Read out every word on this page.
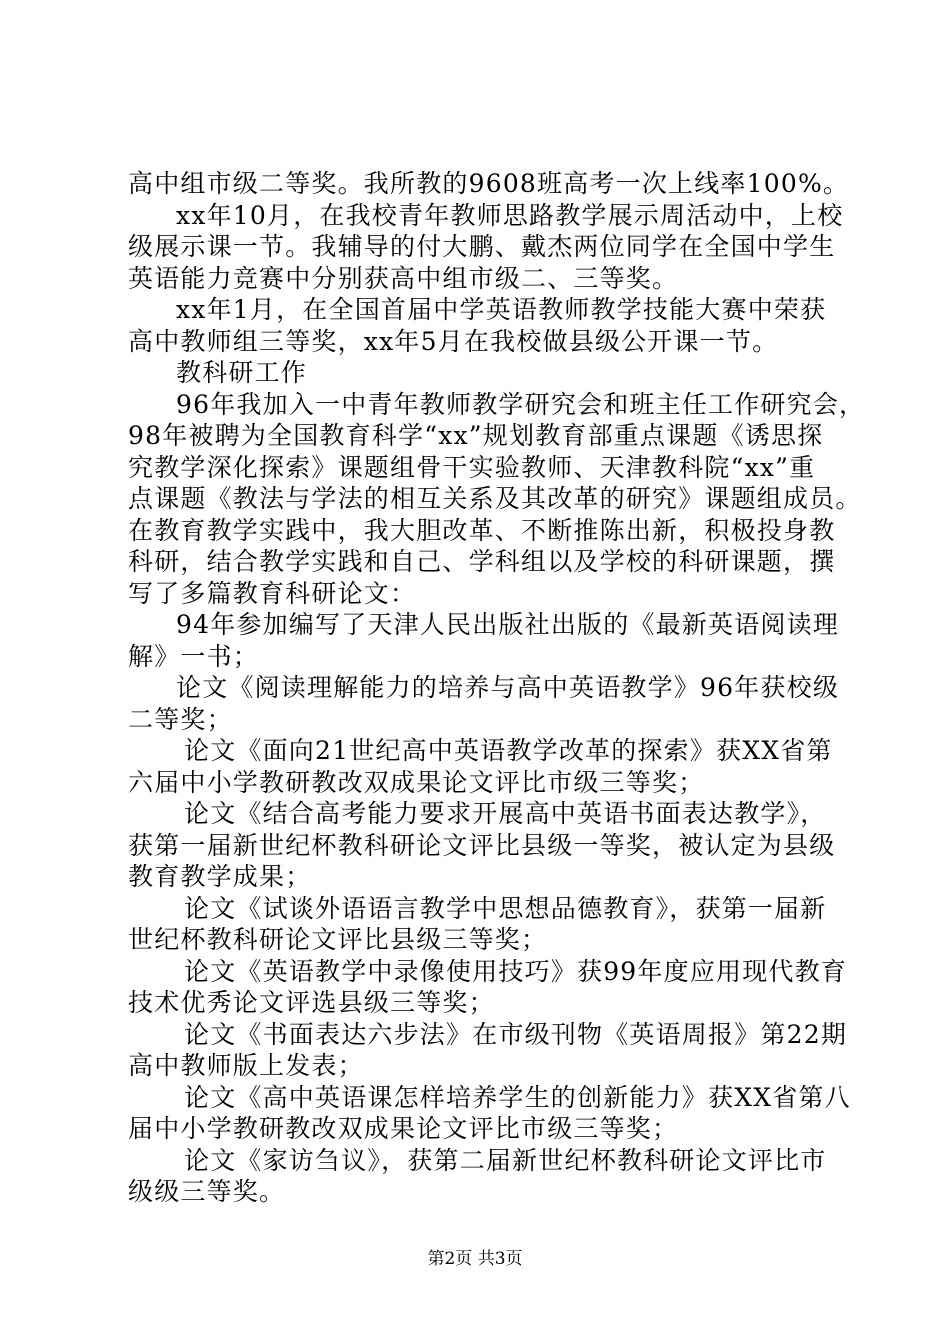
高中组市级二等奖。我所教的9608班高考一次上线率100%。
xx年10月，在我校青年教师思路教学展示周活动中，上校
级展示课一节。我辅导的付大鹏、戴杰两位同学在全国中学生
英语能力竞赛中分别获高中组市级二、三等奖。
xx年1月，在全国首届中学英语教师教学技能大赛中荣获
高中教师组三等奖，xx年5月在我校做县级公开课一节。
教科研工作
96年我加入一中青年教师教学研究会和班主任工作研究会，
98年被聘为全国教育科学“xx”规划教育部重点课题《诱思探
究教学深化探索》课题组骨干实验教师、天津教科院“xx”重
点课题《教法与学法的相互关系及其改革的研究》课题组成员。
在教育教学实践中，我大胆改革、不断推陈出新，积极投身教
科研，结合教学实践和自己、学科组以及学校的科研课题，撰
写了多篇教育科研论文：
94年参加编写了天津人民出版社出版的《最新英语阅读理
解》一书；
论文《阅读理解能力的培养与高中英语教学》96年获校级
二等奖；
论文《面向21世纪高中英语教学改革的探索》获XX省第
六届中小学教研教改双成果论文评比市级三等奖；
论文《结合高考能力要求开展高中英语书面表达教学》，
获第一届新世纪杯教科研论文评比县级一等奖，被认定为县级
教育教学成果；
论文《试谈外语语言教学中思想品德教育》，获第一届新
世纪杯教科研论文评比县级三等奖；
论文《英语教学中录像使用技巧》获99年度应用现代教育
技术优秀论文评选县级三等奖；
论文《书面表达六步法》在市级刊物《英语周报》第22期
高中教师版上发表；
论文《高中英语课怎样培养学生的创新能力》获XX省第八
届中小学教研教改双成果论文评比市级三等奖；
论文《家访刍议》，获第二届新世纪杯教科研论文评比市
级级三等奖。
第2页 共3页
